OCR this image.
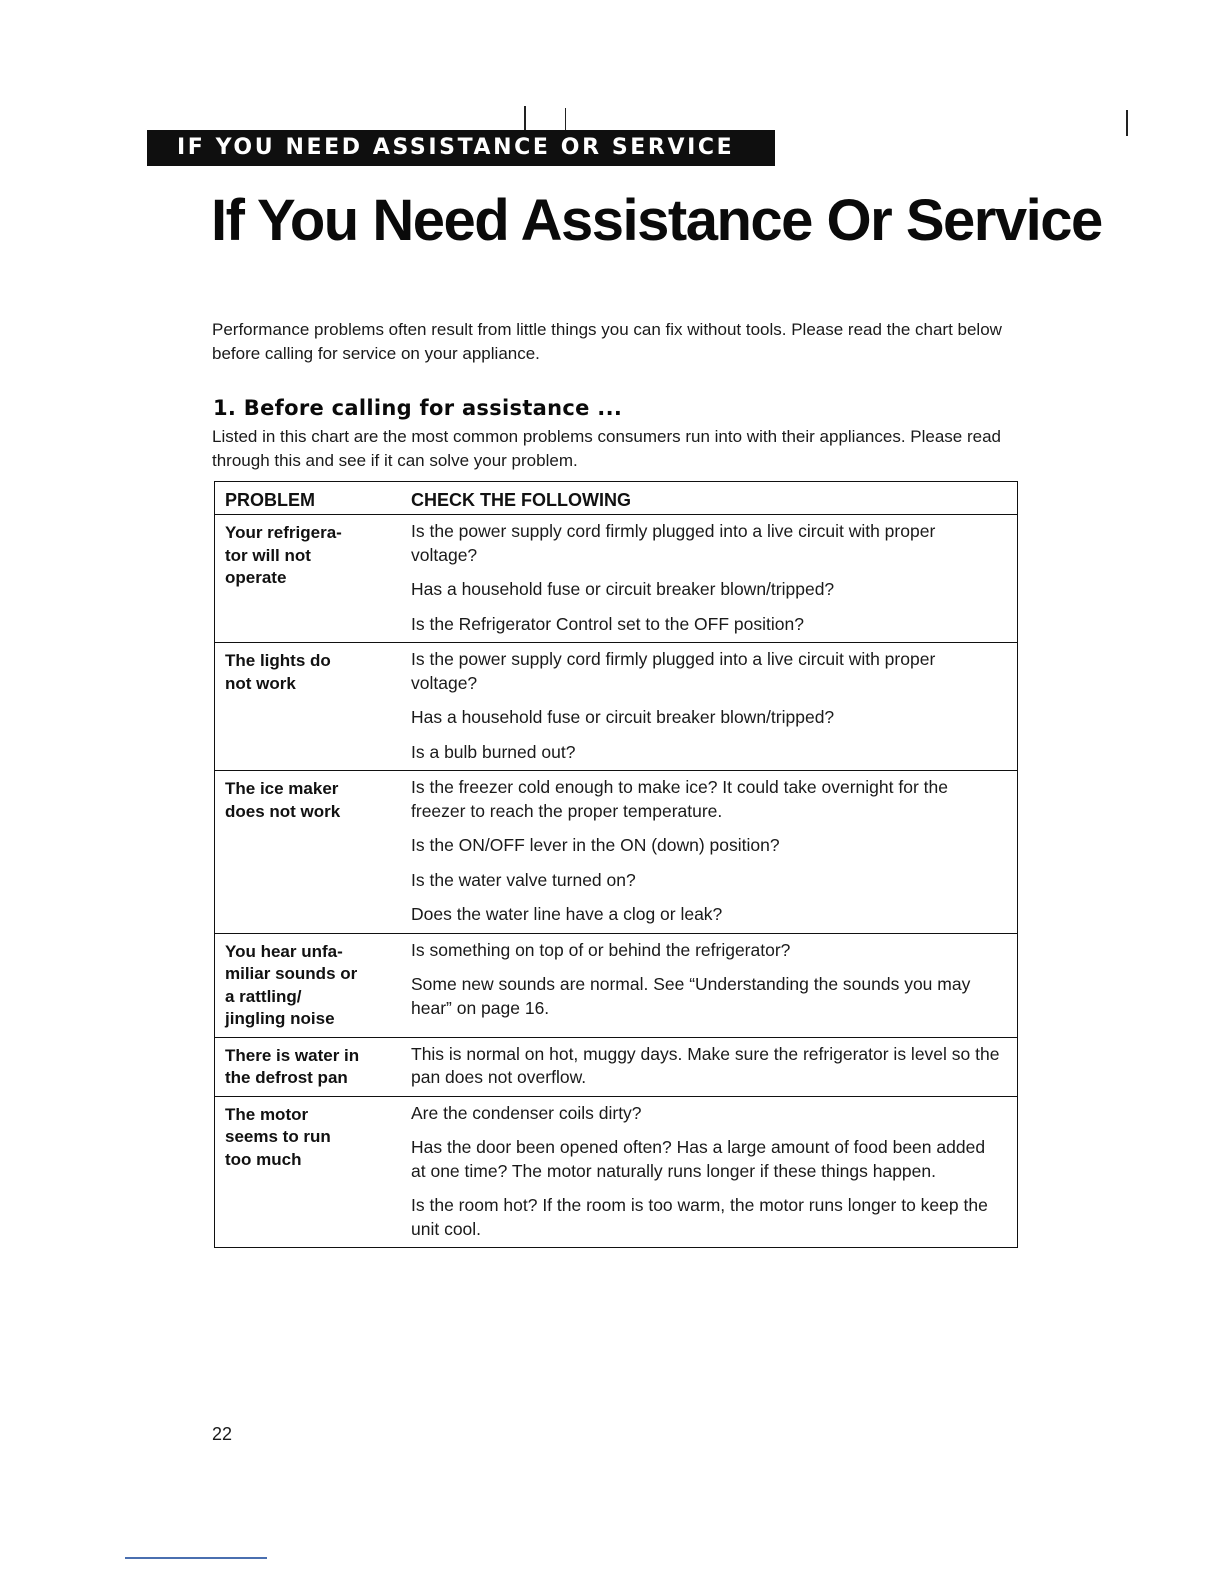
IF YOU NEED ASSISTANCE OR SERVICE
If You Need Assistance Or Service

Performance problems often result from little things you can fix without tools. Please read the chart below before calling for service on your appliance.

1. Before calling for assistance ...

Listed in this chart are the most common problems consumers run into with their appliances. Please read through this and see if it can solve your problem.

PROBLEM	CHECK THE FOLLOWING
Your refrigera-
tor will not
operate

Is the power supply cord firmly plugged into a live circuit with proper voltage?

Has a household fuse or circuit breaker blown/tripped?

Is the Refrigerator Control set to the OFF position?

The lights do
not work

Is the power supply cord firmly plugged into a live circuit with proper voltage?

Has a household fuse or circuit breaker blown/tripped?

Is a bulb burned out?

The ice maker
does not work

Is the freezer cold enough to make ice? It could take overnight for the freezer to reach the proper temperature.

Is the ON/OFF lever in the ON (down) position?

Is the water valve turned on?

Does the water line have a clog or leak?

You hear unfa-
miliar sounds or
a rattling/
jingling noise

Is something on top of or behind the refrigerator?

Some new sounds are normal. See “Understanding the sounds you may hear” on page 16.

There is water in
the defrost pan

This is normal on hot, muggy days. Make sure the refrigerator is level so the pan does not overflow.

The motor
seems to run
too much

Are the condenser coils dirty?

Has the door been opened often? Has a large amount of food been added at one time? The motor naturally runs longer if these things happen.

Is the room hot? If the room is too warm, the motor runs longer to keep the unit cool.

22
